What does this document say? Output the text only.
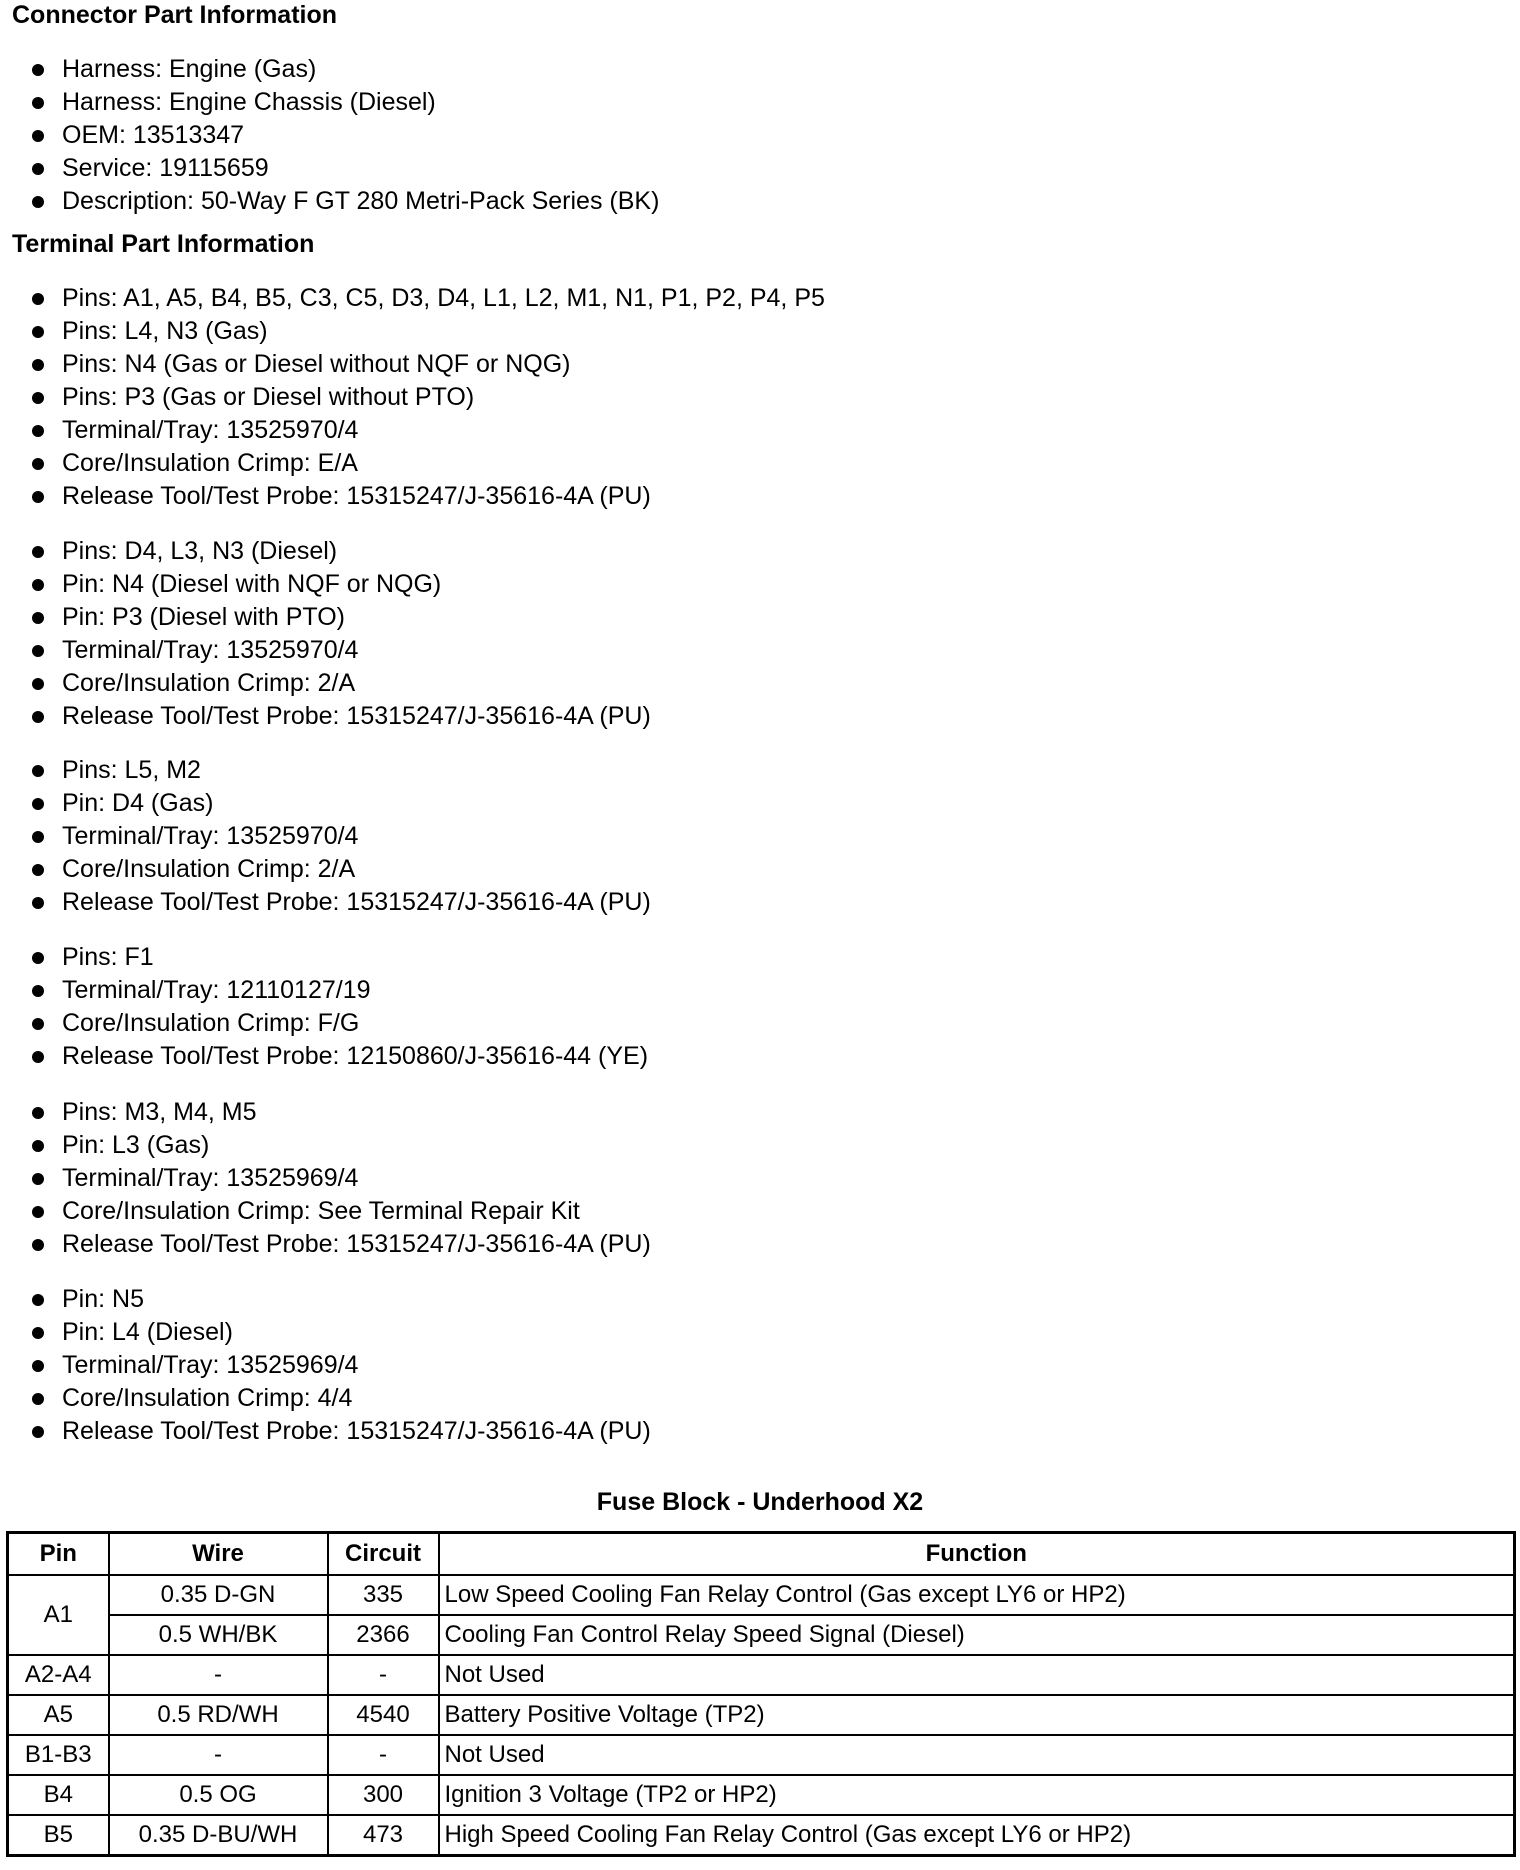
Connector Part Information
Harness: Engine (Gas)
Harness: Engine Chassis (Diesel)
OEM: 13513347
Service: 19115659
Description: 50-Way F GT 280 Metri-Pack Series (BK)
Terminal Part Information
Pins: A1, A5, B4, B5, C3, C5, D3, D4, L1, L2, M1, N1, P1, P2, P4, P5
Pins: L4, N3 (Gas)
Pins: N4 (Gas or Diesel without NQF or NQG)
Pins: P3 (Gas or Diesel without PTO)
Terminal/Tray: 13525970/4
Core/Insulation Crimp: E/A
Release Tool/Test Probe: 15315247/J-35616-4A (PU)
Pins: D4, L3, N3 (Diesel)
Pin: N4 (Diesel with NQF or NQG)
Pin: P3 (Diesel with PTO)
Terminal/Tray: 13525970/4
Core/Insulation Crimp: 2/A
Release Tool/Test Probe: 15315247/J-35616-4A (PU)
Pins: L5, M2
Pin: D4 (Gas)
Terminal/Tray: 13525970/4
Core/Insulation Crimp: 2/A
Release Tool/Test Probe: 15315247/J-35616-4A (PU)
Pins: F1
Terminal/Tray: 12110127/19
Core/Insulation Crimp: F/G
Release Tool/Test Probe: 12150860/J-35616-44 (YE)
Pins: M3, M4, M5
Pin: L3 (Gas)
Terminal/Tray: 13525969/4
Core/Insulation Crimp: See Terminal Repair Kit
Release Tool/Test Probe: 15315247/J-35616-4A (PU)
Pin: N5
Pin: L4 (Diesel)
Terminal/Tray: 13525969/4
Core/Insulation Crimp: 4/4
Release Tool/Test Probe: 15315247/J-35616-4A (PU)
Fuse Block - Underhood X2
Pin	Wire	Circuit	Function
A1	0.35 D-GN	335	Low Speed Cooling Fan Relay Control (Gas except LY6 or HP2)
	0.5 WH/BK	2366	Cooling Fan Control Relay Speed Signal (Diesel)
A2-A4	-	-	Not Used
A5	0.5 RD/WH	4540	Battery Positive Voltage (TP2)
B1-B3	-	-	Not Used
B4	0.5 OG	300	Ignition 3 Voltage (TP2 or HP2)
B5	0.35 D-BU/WH	473	High Speed Cooling Fan Relay Control (Gas except LY6 or HP2)
